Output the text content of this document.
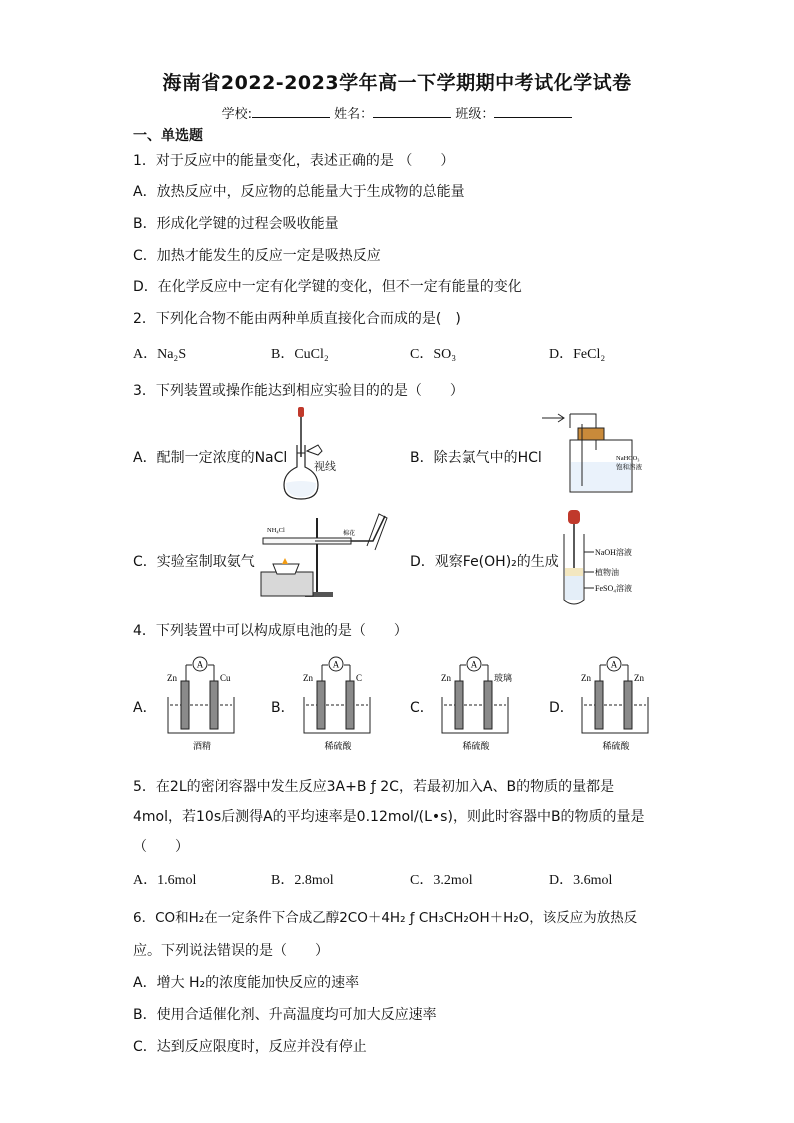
海南省2022-2023学年高一下学期期中考试化学试卷
学校:	姓名：	班级：
一、单选题
1．对于反应中的能量变化，表述正确的是 （　　）
A．放热反应中，反应物的总能量大于生成物的总能量
B．形成化学键的过程会吸收能量
C．加热才能发生的反应一定是吸热反应
D．在化学反应中一定有化学键的变化，但不一定有能量的变化
2．下列化合物不能由两种单质直接化合而成的是(　)
A．Na₂S	B．CuCl₂	C．SO₃	D．FeCl₂
3．下列装置或操作能达到相应实验目的的是（　　）
A．配制一定浓度的NaCl	B．除去氯气中的HCl
C．实验室制取氨气	D．观察Fe(OH)₂的生成
视线
NaHCO₃
饱和溶液
NH₄Cl	棉花
NaOH溶液
植物油
FeSO₄溶液
4．下列装置中可以构成原电池的是（　　）
A．	B．	C．	D．
A
Zn	Cu
酒精
A
Zn	C
稀硫酸
A
Zn	玻璃
稀硫酸
A
Zn	Zn
稀硫酸
5．在2L的密闭容器中发生反应3A+B ƒ 2C，若最初加入A、B的物质的量都是
4mol，若10s后测得A的平均速率是0.12mol/(L•s)，则此时容器中B的物质的量是
（　　）
A．1.6mol	B．2.8mol	C．3.2mol	D．3.6mol
6．CO和H₂在一定条件下合成乙醇2CO＋4H₂ ƒ CH₃CH₂OH＋H₂O，该反应为放热反
应。下列说法错误的是（　　）
A．增大 H₂的浓度能加快反应的速率
B．使用合适催化剂、升高温度均可加大反应速率
C．达到反应限度时，反应并没有停止
